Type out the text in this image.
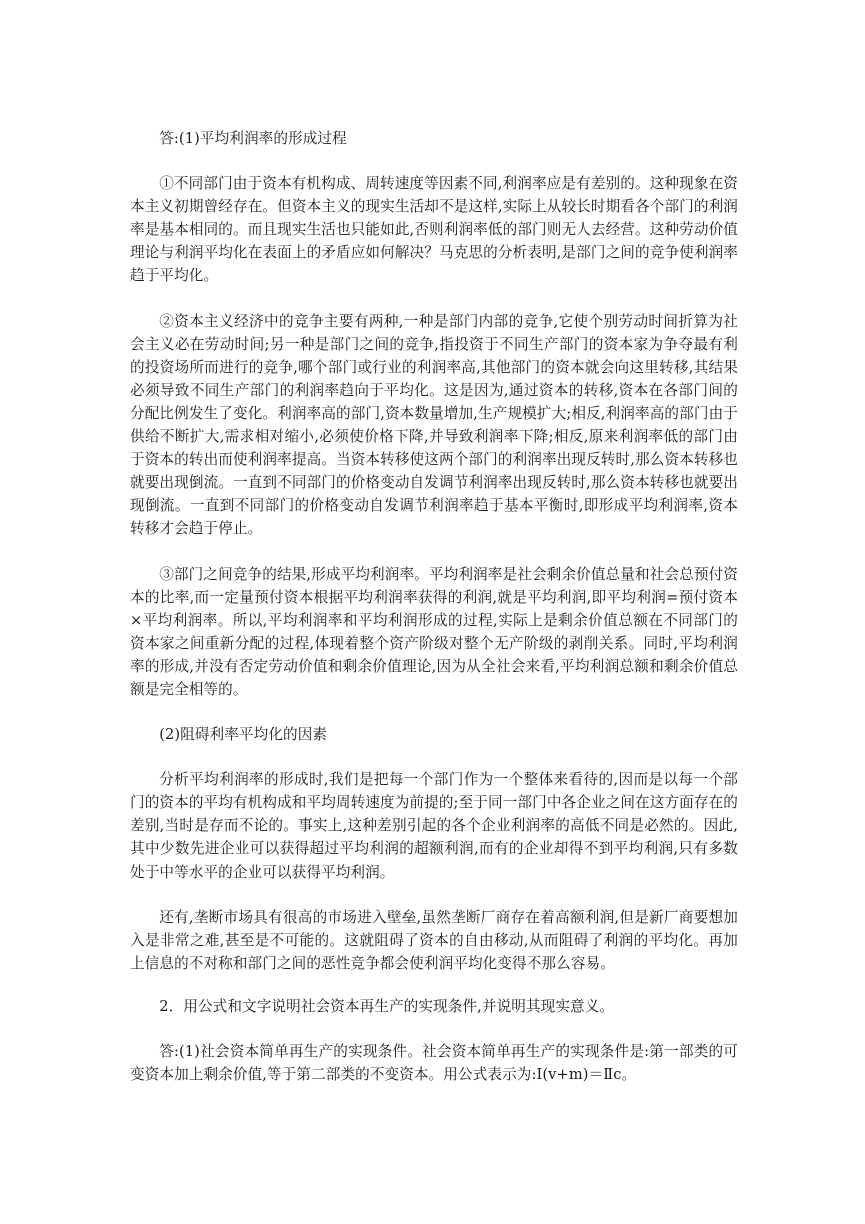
答:(1)平均利润率的形成过程

①不同部门由于资本有机构成、周转速度等因素不同,利润率应是有差别的。这种现象在资本主义初期曾经存在。但资本主义的现实生活却不是这样,实际上从较长时期看各个部门的利润率是基本相同的。而且现实生活也只能如此,否则利润率低的部门则无人去经营。这种劳动价值理论与利润平均化在表面上的矛盾应如何解决？马克思的分析表明,是部门之间的竞争使利润率趋于平均化。

②资本主义经济中的竞争主要有两种,一种是部门内部的竞争,它使个别劳动时间折算为社会主义必在劳动时间;另一种是部门之间的竞争,指投资于不同生产部门的资本家为争夺最有利的投资场所而进行的竞争,哪个部门或行业的利润率高,其他部门的资本就会向这里转移,其结果必须导致不同生产部门的利润率趋向于平均化。这是因为,通过资本的转移,资本在各部门间的分配比例发生了变化。利润率高的部门,资本数量增加,生产规模扩大;相反,利润率高的部门由于供给不断扩大,需求相对缩小,必须使价格下降,并导致利润率下降;相反,原来利润率低的部门由于资本的转出而使利润率提高。当资本转移使这两个部门的利润率出现反转时,那么资本转移也就要出现倒流。一直到不同部门的价格变动自发调节利润率出现反转时,那么资本转移也就要出现倒流。一直到不同部门的价格变动自发调节利润率趋于基本平衡时,即形成平均利润率,资本转移才会趋于停止。

③部门之间竞争的结果,形成平均利润率。平均利润率是社会剩余价值总量和社会总预付资本的比率,而一定量预付资本根据平均利润率获得的利润,就是平均利润,即平均利润=预付资本×平均利润率。所以,平均利润率和平均利润形成的过程,实际上是剩余价值总额在不同部门的资本家之间重新分配的过程,体现着整个资产阶级对整个无产阶级的剥削关系。同时,平均利润率的形成,并没有否定劳动价值和剩余价值理论,因为从全社会来看,平均利润总额和剩余价值总额是完全相等的。

(2)阻碍利率平均化的因素

分析平均利润率的形成时,我们是把每一个部门作为一个整体来看待的,因而是以每一个部门的资本的平均有机构成和平均周转速度为前提的;至于同一部门中各企业之间在这方面存在的差别,当时是存而不论的。事实上,这种差别引起的各个企业利润率的高低不同是必然的。因此,其中少数先进企业可以获得超过平均利润的超额利润,而有的企业却得不到平均利润,只有多数处于中等水平的企业可以获得平均利润。

还有,垄断市场具有很高的市场进入壁垒,虽然垄断厂商存在着高额利润,但是新厂商要想加入是非常之难,甚至是不可能的。这就阻碍了资本的自由移动,从而阻碍了利润的平均化。再加上信息的不对称和部门之间的恶性竞争都会使利润平均化变得不那么容易。

2．用公式和文字说明社会资本再生产的实现条件,并说明其现实意义。

答:(1)社会资本简单再生产的实现条件。社会资本简单再生产的实现条件是:第一部类的可变资本加上剩余价值,等于第二部类的不变资本。用公式表示为:Ⅰ(v+m)＝Ⅱc。
